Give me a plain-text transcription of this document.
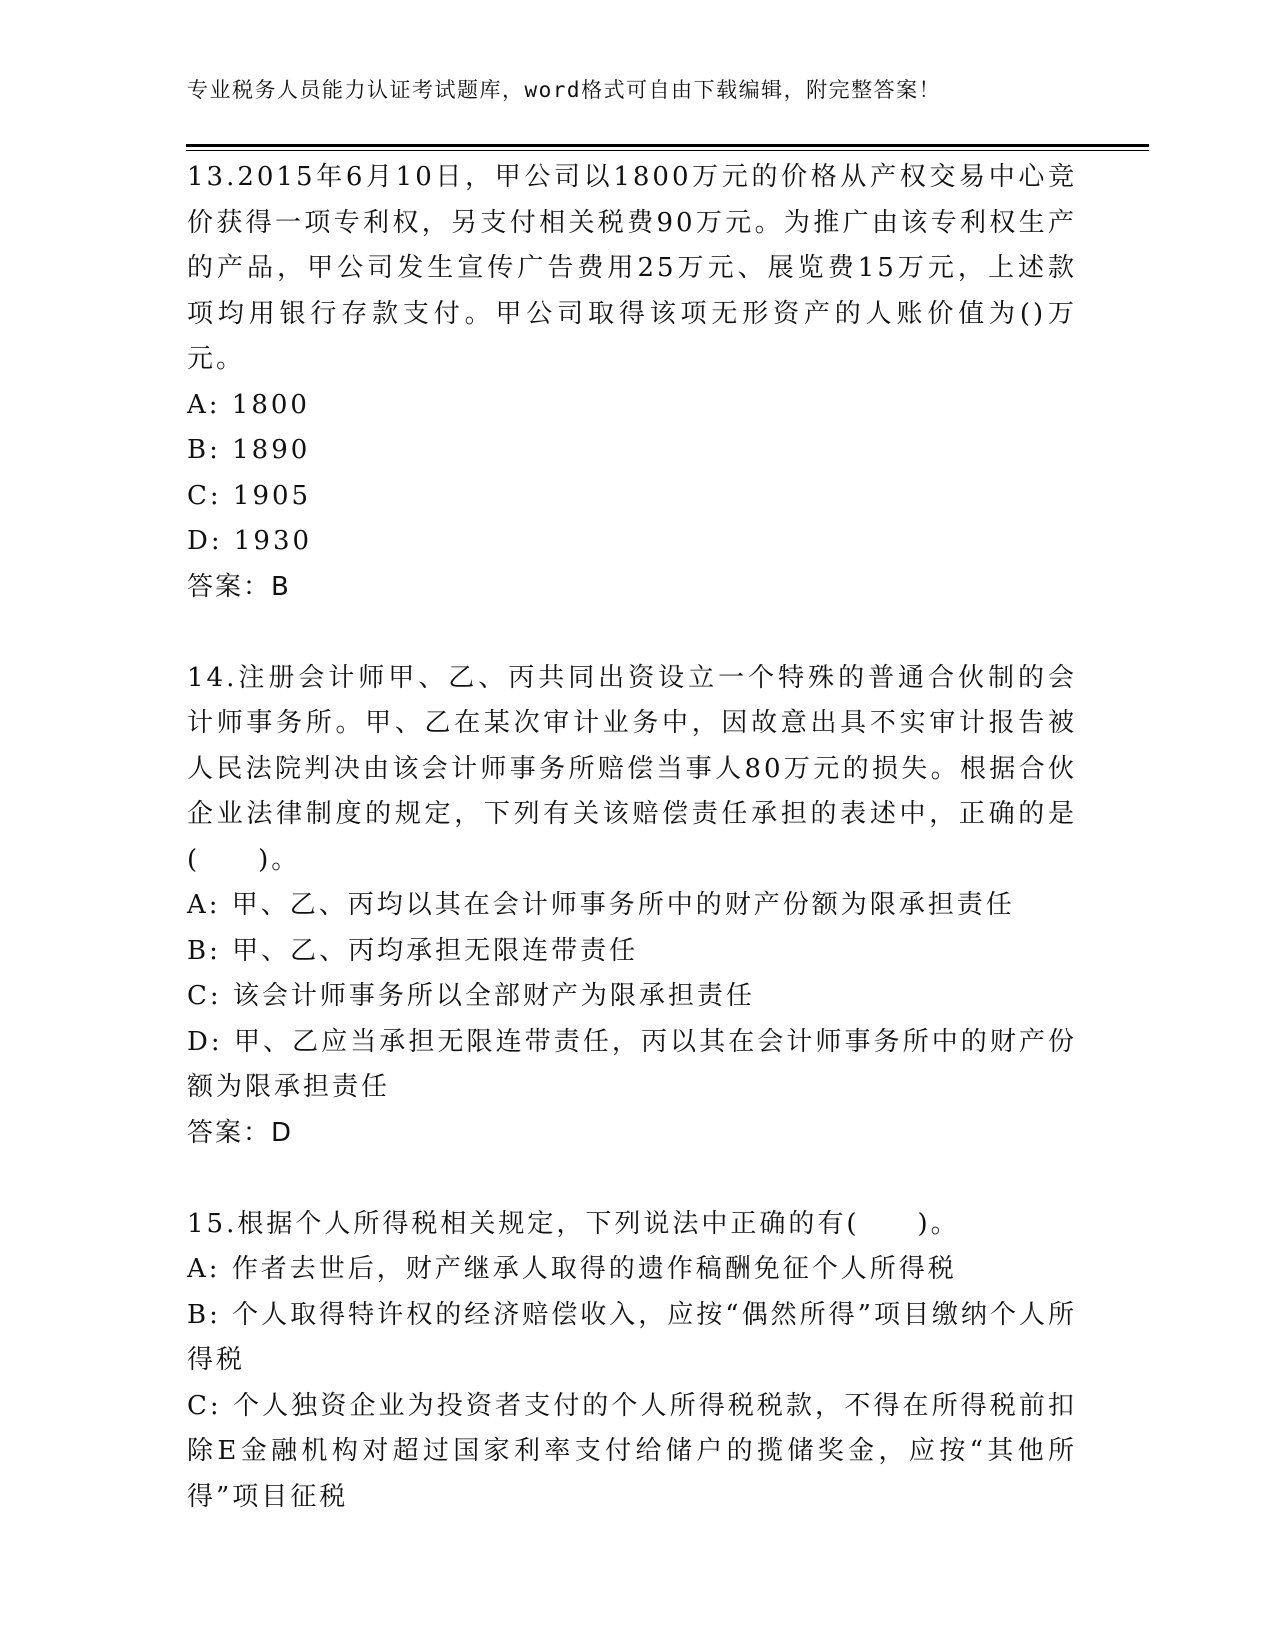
专业税务人员能力认证考试题库，word格式可自由下载编辑，附完整答案！

13.2015年6月10日，甲公司以1800万元的价格从产权交易中心竞价获得一项专利权，另支付相关税费90万元。为推广由该专利权生产的产品，甲公司发生宣传广告费用25万元、展览费15万元，上述款项均用银行存款支付。甲公司取得该项无形资产的人账价值为()万元。

A: 1800

B: 1890

C: 1905

D: 1930

答案：B

14.注册会计师甲、乙、丙共同出资设立一个特殊的普通合伙制的会计师事务所。甲、乙在某次审计业务中，因故意出具不实审计报告被人民法院判决由该会计师事务所赔偿当事人80万元的损失。根据合伙企业法律制度的规定，下列有关该赔偿责任承担的表述中，正确的是(　　)。

A: 甲、乙、丙均以其在会计师事务所中的财产份额为限承担责任

B: 甲、乙、丙均承担无限连带责任

C: 该会计师事务所以全部财产为限承担责任

D: 甲、乙应当承担无限连带责任，丙以其在会计师事务所中的财产份额为限承担责任

答案：D

15.根据个人所得税相关规定，下列说法中正确的有(　　)。

A: 作者去世后，财产继承人取得的遗作稿酬免征个人所得税

B: 个人取得特许权的经济赔偿收入，应按“偶然所得”项目缴纳个人所得税

C: 个人独资企业为投资者支付的个人所得税税款，不得在所得税前扣除E金融机构对超过国家利率支付给储户的揽储奖金，应按“其他所得”项目征税
